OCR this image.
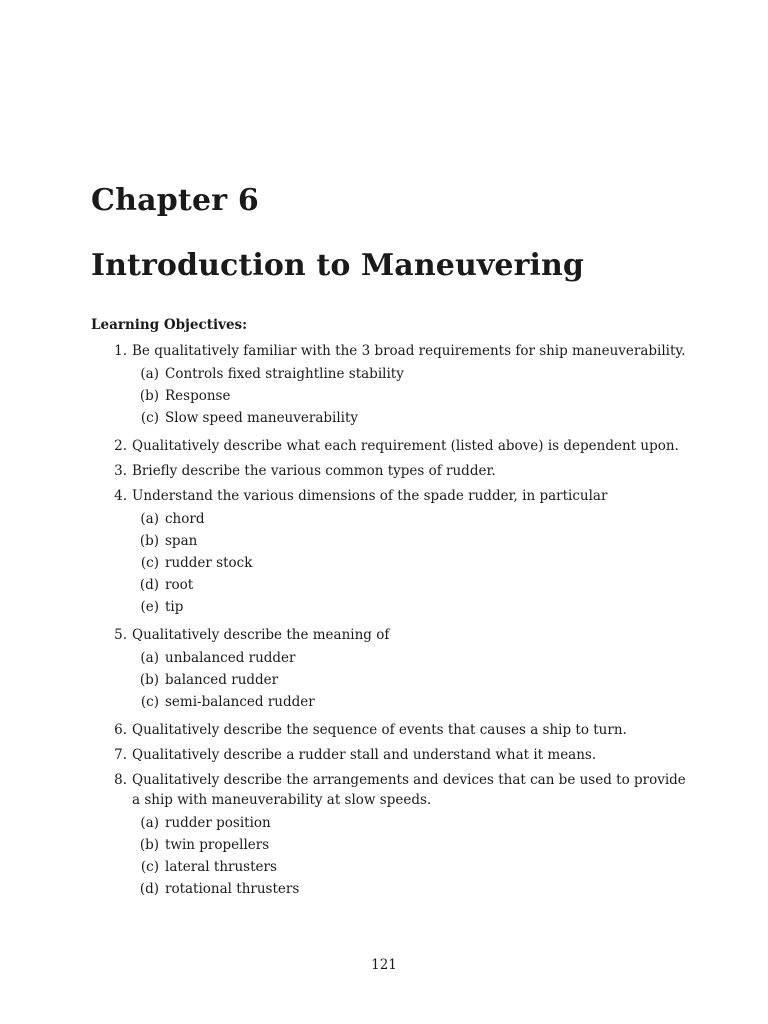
Chapter 6
Introduction to Maneuvering
Learning Objectives:
1. Be qualitatively familiar with the 3 broad requirements for ship maneuverability.
(a) Controls fixed straightline stability
(b) Response
(c) Slow speed maneuverability
2. Qualitatively describe what each requirement (listed above) is dependent upon.
3. Briefly describe the various common types of rudder.
4. Understand the various dimensions of the spade rudder, in particular
(a) chord
(b) span
(c) rudder stock
(d) root
(e) tip
5. Qualitatively describe the meaning of
(a) unbalanced rudder
(b) balanced rudder
(c) semi-balanced rudder
6. Qualitatively describe the sequence of events that causes a ship to turn.
7. Qualitatively describe a rudder stall and understand what it means.
8. Qualitatively describe the arrangements and devices that can be used to provide a ship with maneuverability at slow speeds.
(a) rudder position
(b) twin propellers
(c) lateral thrusters
(d) rotational thrusters
121
